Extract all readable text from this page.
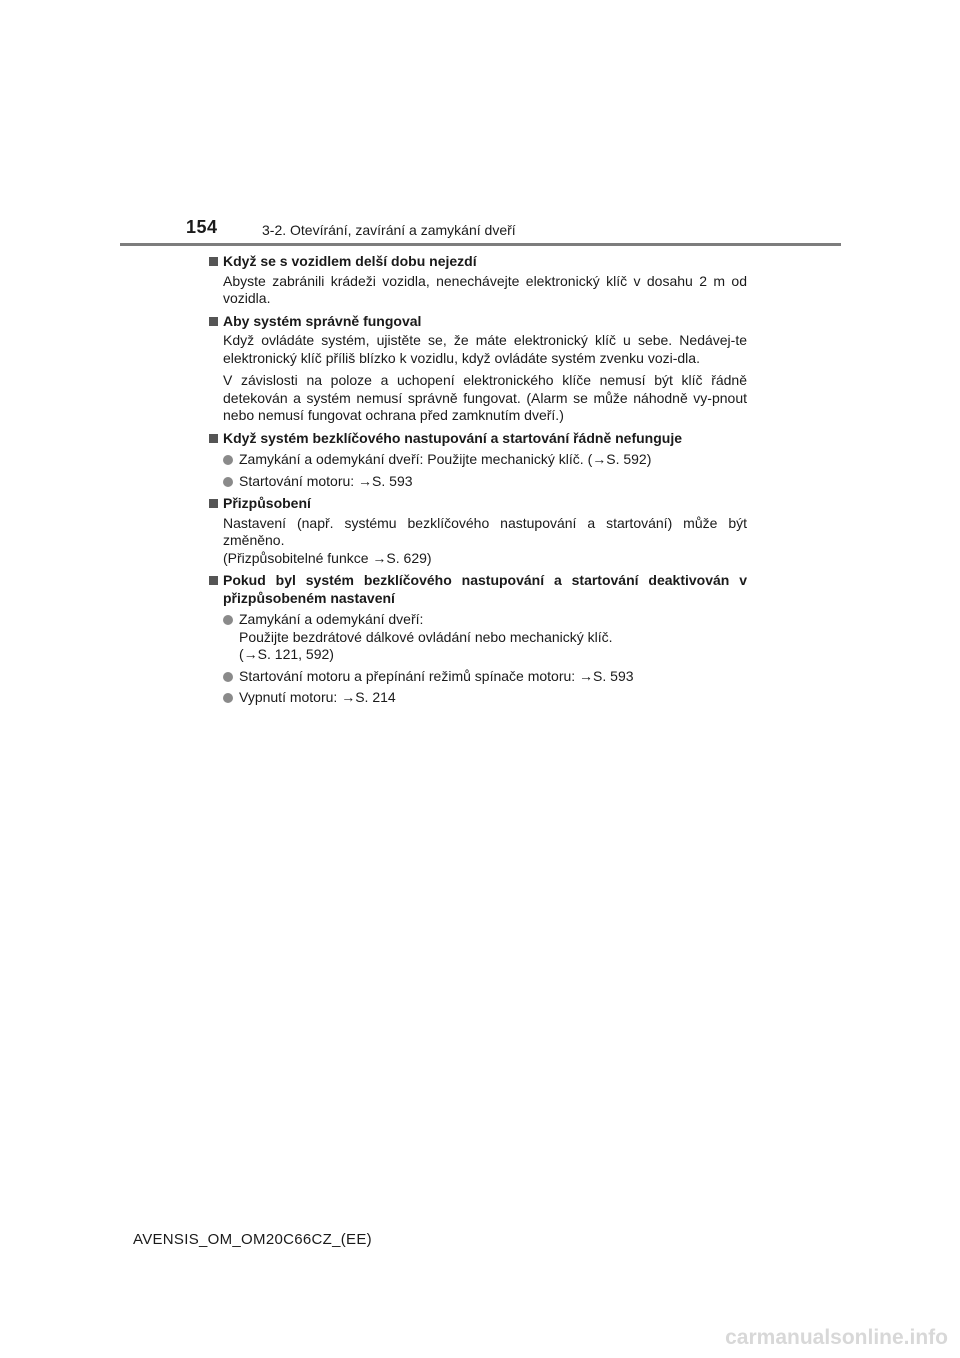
154	3-2. Otevírání, zavírání a zamykání dveří
Když se s vozidlem delší dobu nejezdí
Abyste zabránili krádeži vozidla, nenechávejte elektronický klíč v dosahu 2 m od vozidla.
Aby systém správně fungoval
Když ovládáte systém, ujistěte se, že máte elektronický klíč u sebe. Nedávej-te elektronický klíč příliš blízko k vozidlu, když ovládáte systém zvenku vozi-dla.
V závislosti na poloze a uchopení elektronického klíče nemusí být klíč řádně detekován a systém nemusí správně fungovat. (Alarm se může náhodně vy-pnout nebo nemusí fungovat ochrana před zamknutím dveří.)
Když systém bezklíčového nastupování a startování řádně nefunguje
Zamykání a odemykání dveří: Použijte mechanický klíč. (→S. 592)
Startování motoru: →S. 593
Přizpůsobení
Nastavení (např. systému bezklíčového nastupování a startování) může být změněno.
(Přizpůsobitelné funkce →S. 629)
Pokud byl systém bezklíčového nastupování a startování deaktivován v přizpůsobeném nastavení
Zamykání a odemykání dveří:
Použijte bezdrátové dálkové ovládání nebo mechanický klíč.
(→S. 121, 592)
Startování motoru a přepínání režimů spínače motoru: →S. 593
Vypnutí motoru: →S. 214
AVENSIS_OM_OM20C66CZ_(EE)
carmanualsonline.info
